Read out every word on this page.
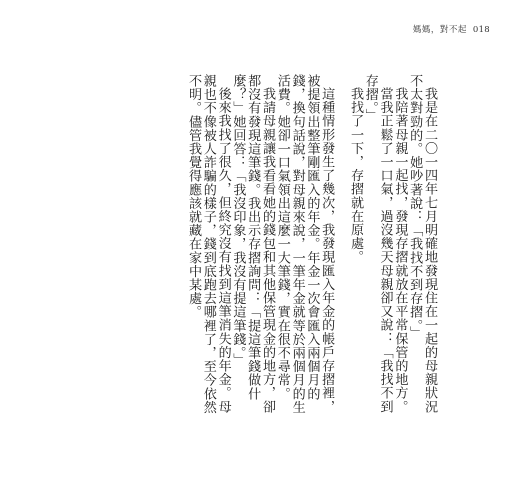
媽媽，對不起 018

我是在二〇一四年七月明確地發現住在一起的母親狀況不太對勁的。她吵著說：「我找不到存摺。」

我陪著母親一起找，發現存摺就放在平常保管的地方。

當我正鬆了一口氣，過沒幾天母親卻又說：「我找不到存摺。」

我找了一下，存摺就在原處。

這種情形發生了幾次，我發現匯入年金的帳戶存摺裡，被提領出整筆剛匯入的年金。年金一次會匯入兩個月的錢，換句話說，對母親來說，一筆年金就等於兩個月的生活費。她卻一口氣領出這麼一大筆錢，實在很不尋常。

我請母親讓我看看她的錢包和其他保管現金的地方，卻都沒有發現這筆錢。我出示存摺詢問：「提這筆錢做什麼？」她回答：「我沒印象，我沒有提這筆錢。」

後來我找了很久，但終究沒有找到這筆消失的年金。母親也不像被人詐騙的樣子，錢到底跑去哪裡了，至今依然不明。儘管我覺得應該就藏在家中某處。
